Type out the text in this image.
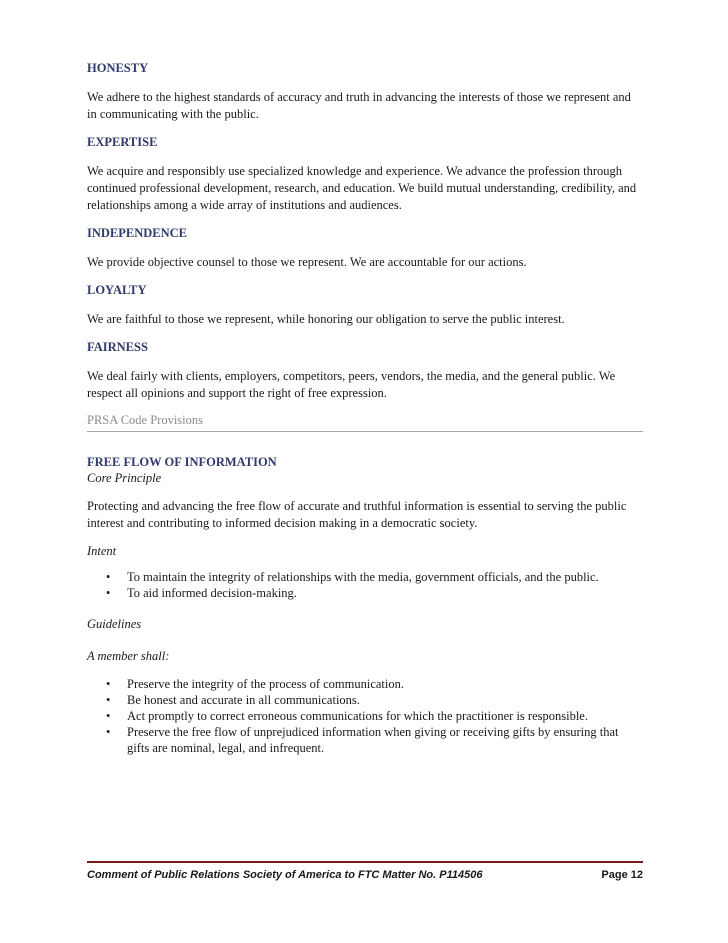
HONESTY

We adhere to the highest standards of accuracy and truth in advancing the interests of those we represent and in communicating with the public.

EXPERTISE

We acquire and responsibly use specialized knowledge and experience. We advance the profession through continued professional development, research, and education. We build mutual understanding, credibility, and relationships among a wide array of institutions and audiences.

INDEPENDENCE

We provide objective counsel to those we represent. We are accountable for our actions.

LOYALTY

We are faithful to those we represent, while honoring our obligation to serve the public interest.

FAIRNESS

We deal fairly with clients, employers, competitors, peers, vendors, the media, and the general public. We respect all opinions and support the right of free expression.

PRSA Code Provisions

FREE FLOW OF INFORMATION

Core Principle

Protecting and advancing the free flow of accurate and truthful information is essential to serving the public interest and contributing to informed decision making in a democratic society.

Intent

• To maintain the integrity of relationships with the media, government officials, and the public.
• To aid informed decision-making.

Guidelines

A member shall:

• Preserve the integrity of the process of communication.
• Be honest and accurate in all communications.
• Act promptly to correct erroneous communications for which the practitioner is responsible.
• Preserve the free flow of unprejudiced information when giving or receiving gifts by ensuring that gifts are nominal, legal, and infrequent.
Comment of Public Relations Society of America to FTC Matter No. P114506	Page 12
